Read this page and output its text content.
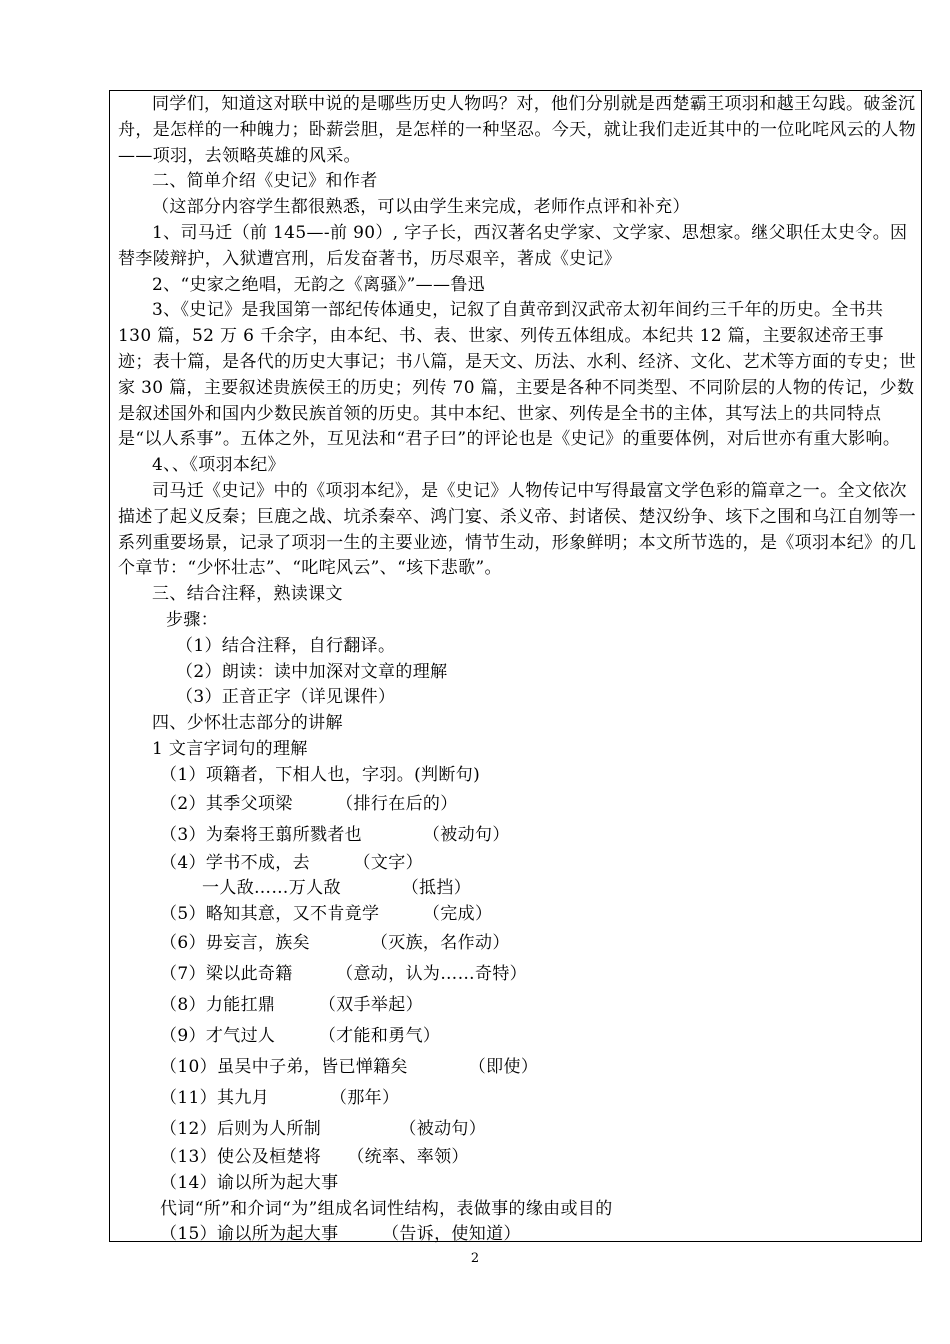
同学们，知道这对联中说的是哪些历史人物吗？对，他们分别就是西楚霸王项羽和越王勾践。破釜沉舟，是怎样的一种魄力；卧薪尝胆，是怎样的一种坚忍。今天，就让我们走近其中的一位叱咤风云的人物——项羽，去领略英雄的风采。

二、简单介绍《史记》和作者

（这部分内容学生都很熟悉，可以由学生来完成，老师作点评和补充）

1、司马迁（前 145—-前 90）, 字子长，西汉著名史学家、文学家、思想家。继父职任太史令。因替李陵辩护，入狱遭宫刑，后发奋著书，历尽艰辛，著成《史记》

2、“史家之绝唱，无韵之《离骚》”——鲁迅

3、《史记》是我国第一部纪传体通史，记叙了自黄帝到汉武帝太初年间约三千年的历史。全书共 130 篇，52 万 6 千余字，由本纪、书、表、世家、列传五体组成。本纪共 12 篇，主要叙述帝王事迹；表十篇，是各代的历史大事记；书八篇，是天文、历法、水利、经济、文化、艺术等方面的专史；世家 30 篇，主要叙述贵族侯王的历史；列传 70 篇，主要是各种不同类型、不同阶层的人物的传记，少数是叙述国外和国内少数民族首领的历史。其中本纪、世家、列传是全书的主体，其写法上的共同特点是“以人系事”。五体之外，互见法和“君子曰”的评论也是《史记》的重要体例，对后世亦有重大影响。

4、、《项羽本纪》

司马迁《史记》中的《项羽本纪》，是《史记》人物传记中写得最富文学色彩的篇章之一。全文依次描述了起义反秦；巨鹿之战、坑杀秦卒、鸿门宴、杀义帝、封诸侯、楚汉纷争、垓下之围和乌江自刎等一系列重要场景，记录了项羽一生的主要业迹，情节生动，形象鲜明；本文所节选的，是《项羽本纪》的几个章节：“少怀壮志”、“叱咤风云”、“垓下悲歌”。

三、结合注释，熟读课文

步骤：

（1）结合注释，自行翻译。

（2）朗读：读中加深对文章的理解

（3）正音正字（详见课件）

四、少怀壮志部分的讲解

1 文言字词句的理解

（1）项籍者，下相人也，字羽。(判断句)

（2）其季父项梁　　　（排行在后的）

（3）为秦将王翦所戮者也　　　　（被动句）

（4）学书不成，去　　　（文字）

一人敌……万人敌　　　　（抵挡）

（5）略知其意，又不肯竟学　　　（完成）

（6）毋妄言，族矣　　　　（灭族，名作动）

（7）梁以此奇籍　　　（意动，认为……奇特）

（8）力能扛鼎　　　（双手举起）

（9）才气过人　　　（才能和勇气）

（10）虽吴中子弟，皆已惮籍矣　　　　（即使）

（11）其九月　　　　（那年）

（12）后则为人所制　　　　　（被动句）

（13）使公及桓楚将　　（统率、率领）

（14）谕以所为起大事

代词“所”和介词“为”组成名词性结构，表做事的缘由或目的

（15）谕以所为起大事　　　（告诉，使知道）

2
